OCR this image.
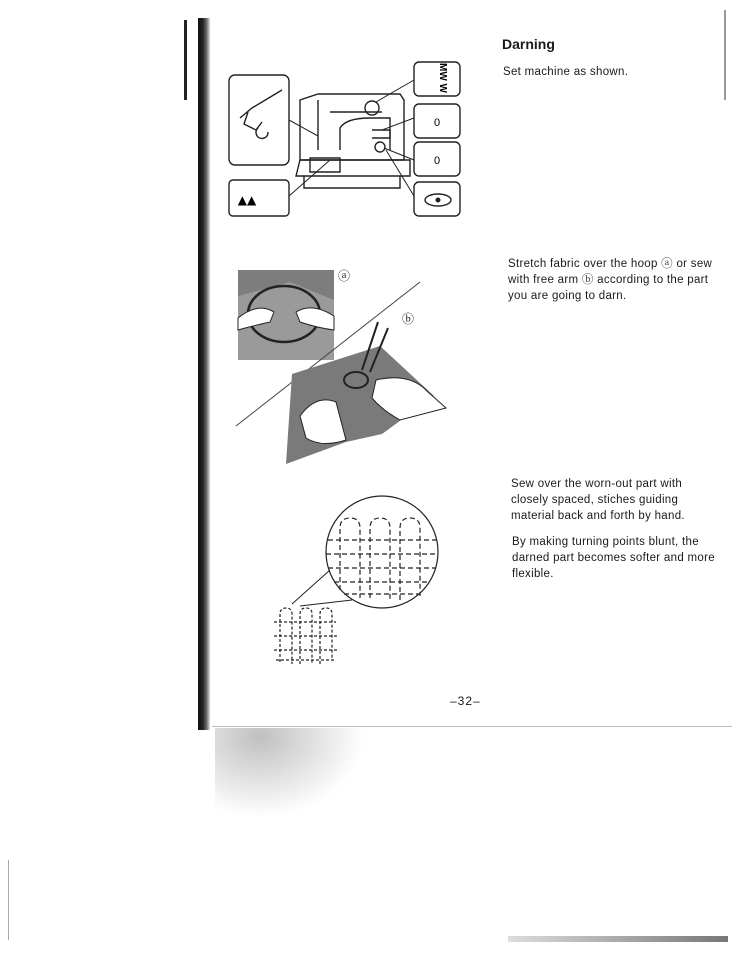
Darning
Set machine as shown.
Stretch fabric over the hoop ⓐ or sew with free arm ⓑ according to the part you are going to darn.
Sew over the worn-out part with closely spaced, stiches guiding material back and forth by hand.
By making turning points blunt, the darned part becomes softer and more flexible.
–32–
MW W
0
0
▲▲
ⓐ
ⓑ
